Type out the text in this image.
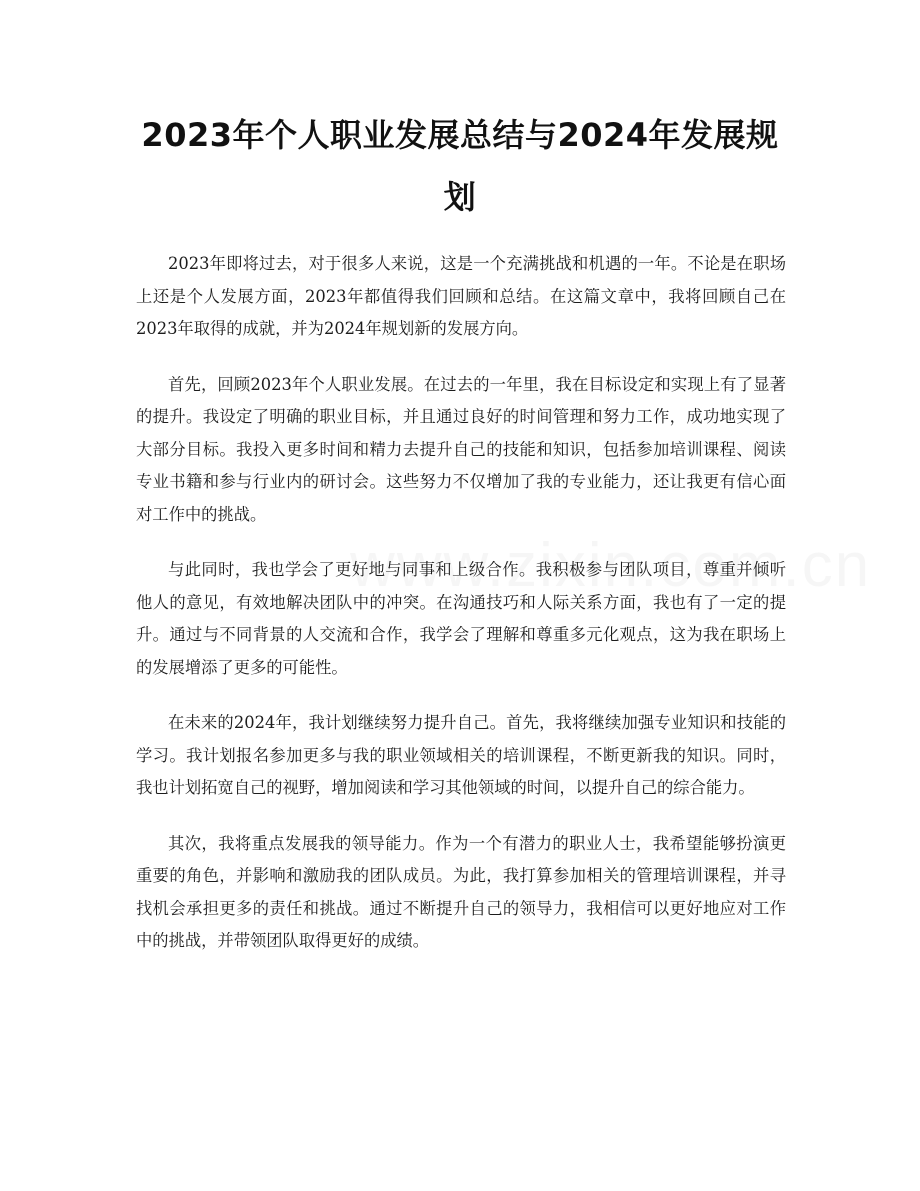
2023年个人职业发展总结与2024年发展规划

2023年即将过去，对于很多人来说，这是一个充满挑战和机遇的一年。不论是在职场上还是个人发展方面，2023年都值得我们回顾和总结。在这篇文章中，我将回顾自己在2023年取得的成就，并为2024年规划新的发展方向。

首先，回顾2023年个人职业发展。在过去的一年里，我在目标设定和实现上有了显著的提升。我设定了明确的职业目标，并且通过良好的时间管理和努力工作，成功地实现了大部分目标。我投入更多时间和精力去提升自己的技能和知识，包括参加培训课程、阅读专业书籍和参与行业内的研讨会。这些努力不仅增加了我的专业能力，还让我更有信心面对工作中的挑战。

与此同时，我也学会了更好地与同事和上级合作。我积极参与团队项目，尊重并倾听他人的意见，有效地解决团队中的冲突。在沟通技巧和人际关系方面，我也有了一定的提升。通过与不同背景的人交流和合作，我学会了理解和尊重多元化观点，这为我在职场上的发展增添了更多的可能性。

在未来的2024年，我计划继续努力提升自己。首先，我将继续加强专业知识和技能的学习。我计划报名参加更多与我的职业领域相关的培训课程，不断更新我的知识。同时，我也计划拓宽自己的视野，增加阅读和学习其他领域的时间，以提升自己的综合能力。

其次，我将重点发展我的领导能力。作为一个有潜力的职业人士，我希望能够扮演更重要的角色，并影响和激励我的团队成员。为此，我打算参加相关的管理培训课程，并寻找机会承担更多的责任和挑战。通过不断提升自己的领导力，我相信可以更好地应对工作中的挑战，并带领团队取得更好的成绩。
